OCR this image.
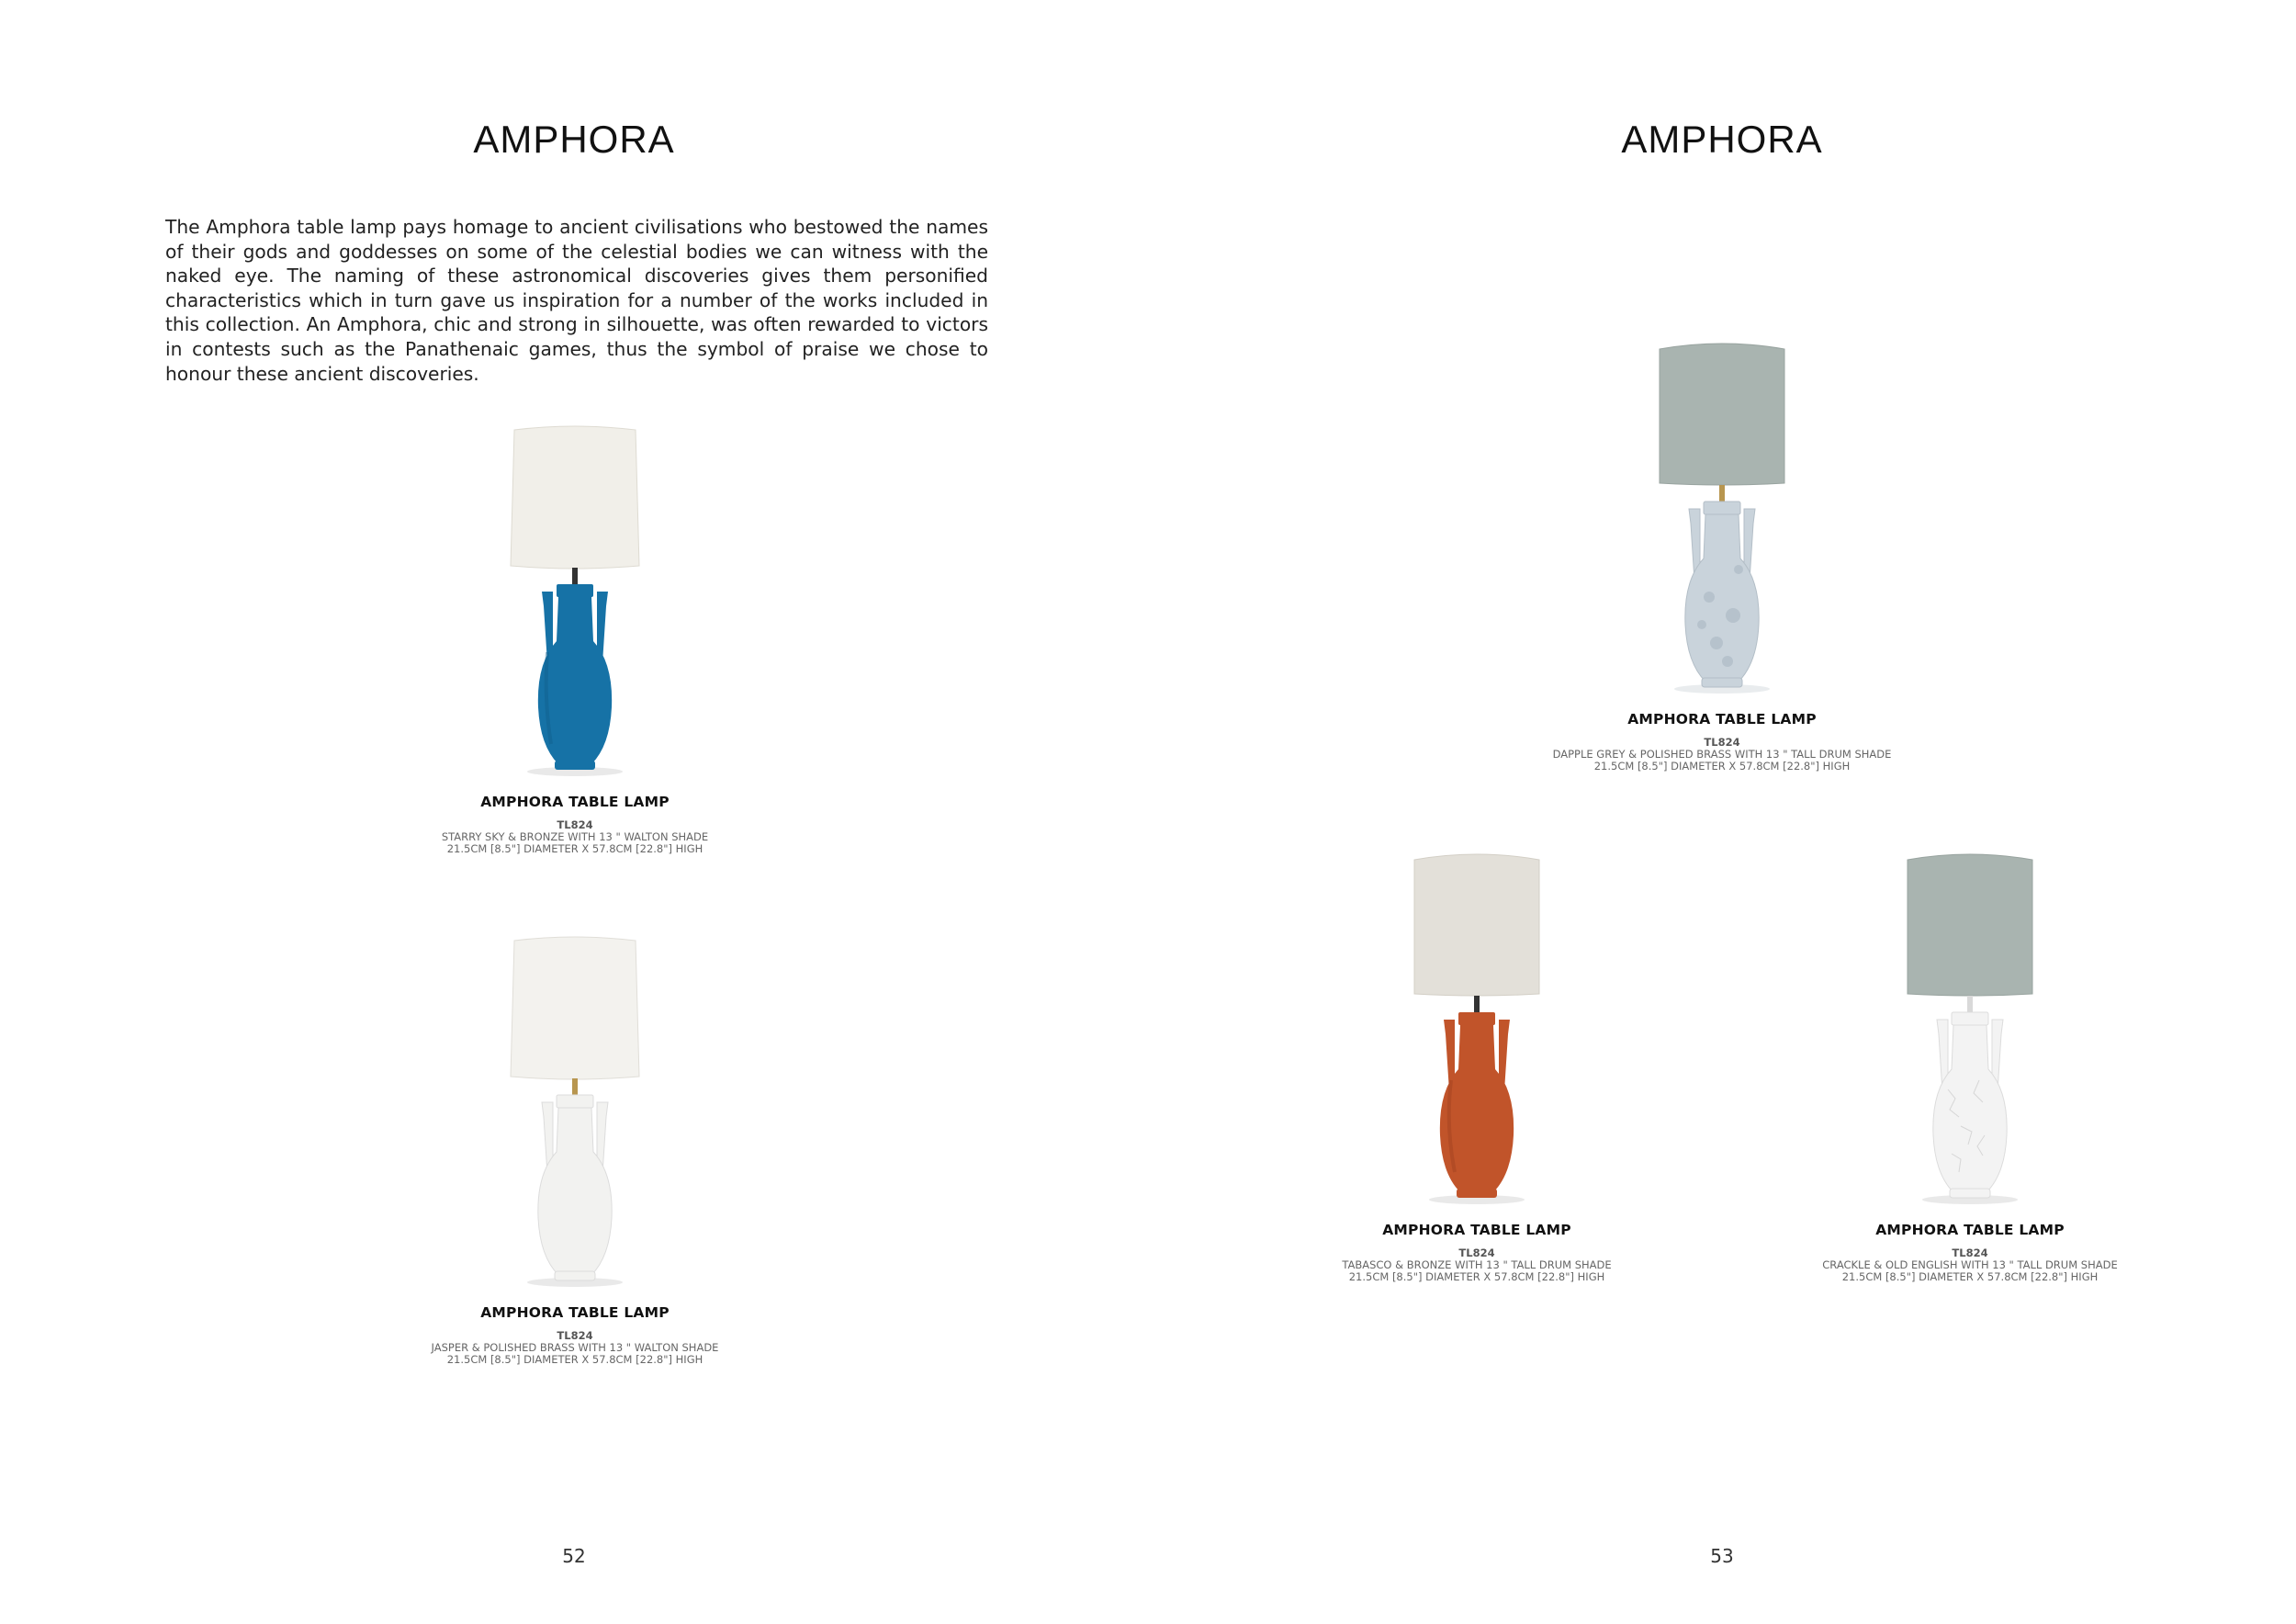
AMPHORA

The Amphora table lamp pays homage to ancient civilisations who bestowed the names of their gods and goddesses on some of the celestial bodies we can witness with the naked eye. The naming of these astronomical discoveries gives them personified characteristics which in turn gave us inspiration for a number of the works included in this collection. An Amphora, chic and strong in silhouette, was often rewarded to victors in contests such as the Panathenaic games, thus the symbol of praise we chose to honour these ancient discoveries.

AMPHORA TABLE LAMP
TL824
STARRY SKY & BRONZE WITH 13 " WALTON SHADE
21.5CM [8.5"] DIAMETER X 57.8CM [22.8"] HIGH
AMPHORA TABLE LAMP
TL824
JASPER & POLISHED BRASS WITH 13 " WALTON SHADE
21.5CM [8.5"] DIAMETER X 57.8CM [22.8"] HIGH
52
AMPHORA
AMPHORA TABLE LAMP
TL824
DAPPLE GREY & POLISHED BRASS WITH 13 " TALL DRUM SHADE
21.5CM [8.5"] DIAMETER X 57.8CM [22.8"] HIGH
AMPHORA TABLE LAMP
TL824
TABASCO & BRONZE WITH 13 " TALL DRUM SHADE
21.5CM [8.5"] DIAMETER X 57.8CM [22.8"] HIGH
AMPHORA TABLE LAMP
TL824
CRACKLE & OLD ENGLISH WITH 13 " TALL DRUM SHADE
21.5CM [8.5"] DIAMETER X 57.8CM [22.8"] HIGH
53
